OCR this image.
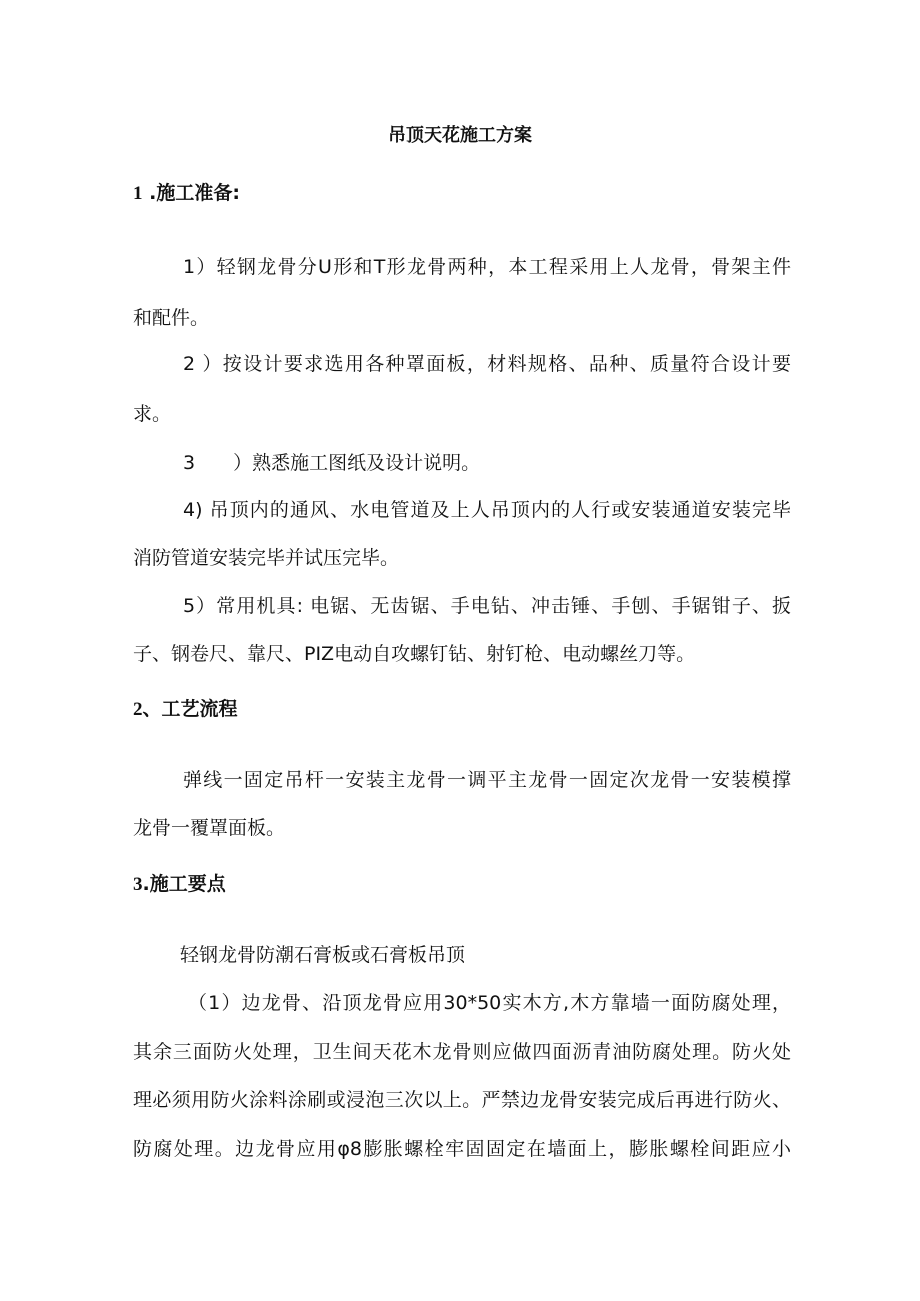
吊顶天花施工方案
1 .施工准备:
1）轻钢龙骨分U形和T形龙骨两种，本工程采用上人龙骨，骨架主件
和配件。
2 ）按设计要求选用各种罩面板，材料规格、品种、质量符合设计要
求。
3　　）熟悉施工图纸及设计说明。
4) 吊顶内的通风、水电管道及上人吊顶内的人行或安装通道安装完毕
消防管道安装完毕并试压完毕。
5）常用机具: 电锯、无齿锯、手电钻、冲击锤、手刨、手锯钳子、扳
子、钢卷尺、靠尺、PIZ电动自攻螺钉钻、射钉枪、电动螺丝刀等。
2、工艺流程
弹线一固定吊杆一安装主龙骨一调平主龙骨一固定次龙骨一安装模撑
龙骨一覆罩面板。
3.施工要点
轻钢龙骨防潮石膏板或石膏板吊顶
（1）边龙骨、沿顶龙骨应用30*50实木方,木方靠墙一面防腐处理，
其余三面防火处理，卫生间天花木龙骨则应做四面沥青油防腐处理。防火处
理必须用防火涂料涂刷或浸泡三次以上。严禁边龙骨安装完成后再进行防火、
防腐处理。边龙骨应用φ8膨胀螺栓牢固固定在墙面上，膨胀螺栓间距应小
